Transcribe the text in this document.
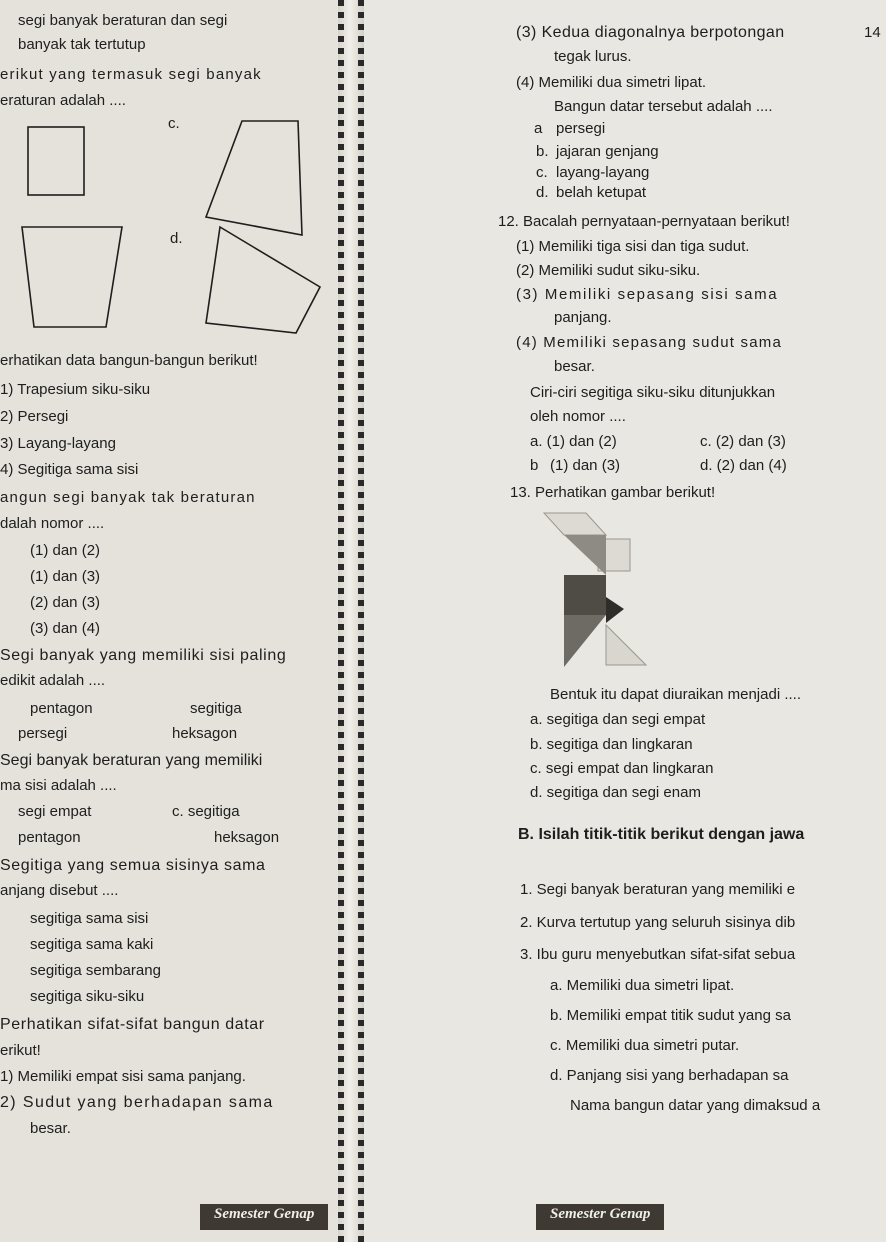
segi banyak beraturan dan segi
banyak tak tertutup
erikut yang termasuk segi banyak
eraturan adalah ....
c.
d.
erhatikan data bangun-bangun berikut!
1) Trapesium siku-siku
2) Persegi
3) Layang-layang
4) Segitiga sama sisi
angun segi banyak tak beraturan
dalah nomor ....
(1) dan (2)
(1) dan (3)
(2) dan (3)
(3) dan (4)
Segi banyak yang memiliki sisi paling
edikit adalah ....
pentagon	segitiga
persegi	heksagon
Segi banyak beraturan yang memiliki
ma sisi adalah ....
segi empat	c. segitiga
pentagon	heksagon
Segitiga yang semua sisinya sama
anjang disebut ....
segitiga sama sisi
segitiga sama kaki
segitiga sembarang
segitiga siku-siku
Perhatikan sifat-sifat bangun datar
erikut!
1) Memiliki empat sisi sama panjang.
2) Sudut yang berhadapan sama
besar.
Semester Genap
(3) Kedua diagonalnya berpotongan	14
tegak lurus.
(4) Memiliki dua simetri lipat.
Bangun datar tersebut adalah ....
a persegi
b. jajaran genjang
c. layang-layang
d. belah ketupat
12. Bacalah pernyataan-pernyataan berikut!
(1) Memiliki tiga sisi dan tiga sudut.
(2) Memiliki sudut siku-siku.
(3) Memiliki sepasang sisi sama
panjang.
(4) Memiliki sepasang sudut sama
besar.
Ciri-ciri segitiga siku-siku ditunjukkan
oleh nomor ....
a. (1) dan (2)	c. (2) dan (3)
b (1) dan (3)	d. (2) dan (4)
13. Perhatikan gambar berikut!
Bentuk itu dapat diuraikan menjadi ....
a. segitiga dan segi empat
b. segitiga dan lingkaran
c. segi empat dan lingkaran
d. segitiga dan segi enam
B. Isilah titik-titik berikut dengan jawa
1. Segi banyak beraturan yang memiliki e
2. Kurva tertutup yang seluruh sisinya dib
3. Ibu guru menyebutkan sifat-sifat sebua
a. Memiliki dua simetri lipat.
b. Memiliki empat titik sudut yang sa
c. Memiliki dua simetri putar.
d. Panjang sisi yang berhadapan sa
Nama bangun datar yang dimaksud a
Semester Genap
